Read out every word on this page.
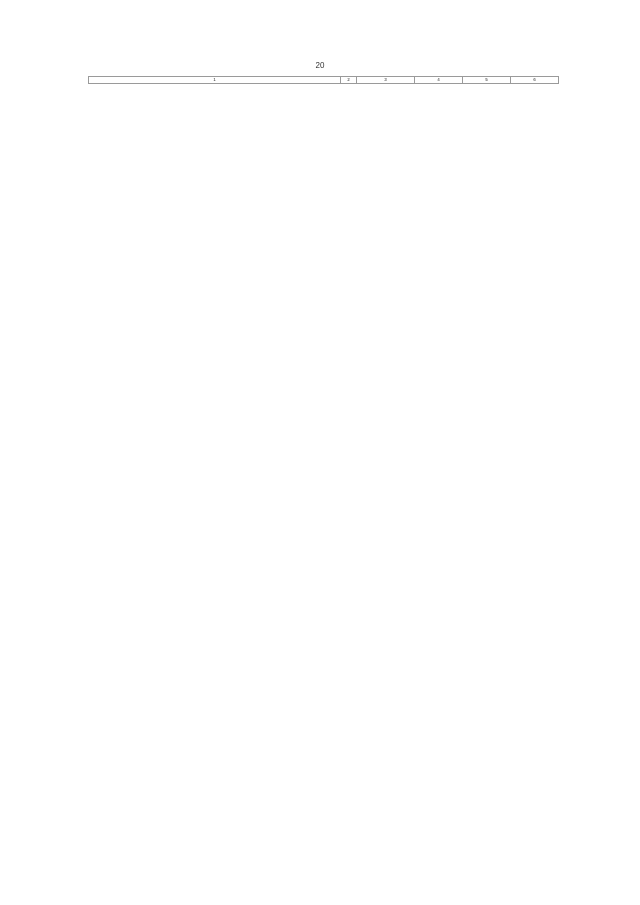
20
1	2	3	4	5	6
